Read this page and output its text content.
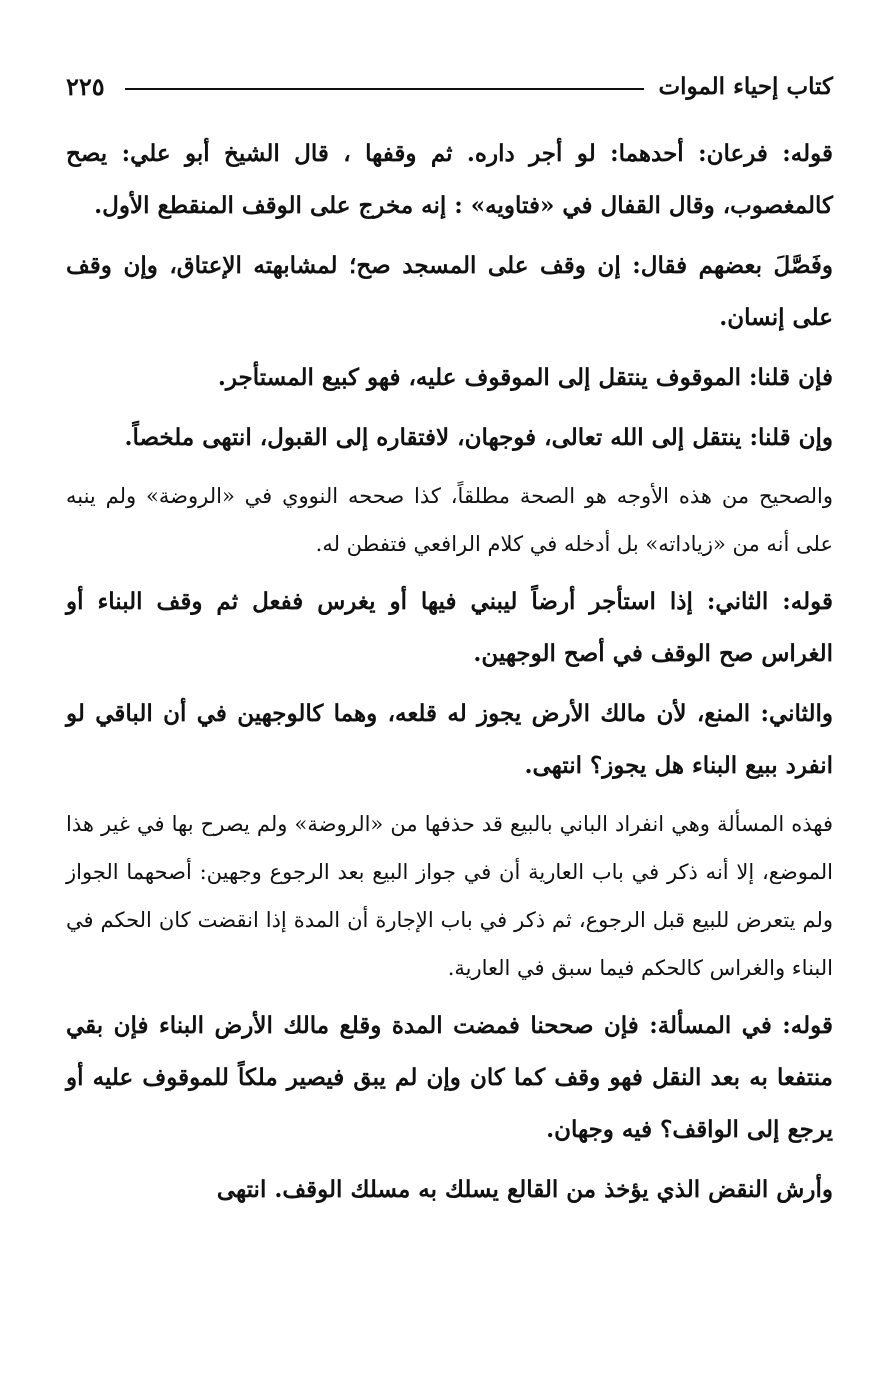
كتاب إحياء الموات
٢٢٥

قوله: فرعان: أحدهما: لو أجر داره. ثم وقفها ، قال الشيخ أبو علي: يصح كالمغصوب، وقال القفال في «فتاويه» : إنه مخرج على الوقف المنقطع الأول.

وفَصَّلَ بعضهم فقال: إن وقف على المسجد صح؛ لمشابهته الإعتاق، وإن وقف على إنسان.

فإن قلنا: الموقوف ينتقل إلى الموقوف عليه، فهو كبيع المستأجر.

وإن قلنا: ينتقل إلى الله تعالى، فوجهان، لافتقاره إلى القبول، انتهى ملخصاً.

والصحيح من هذه الأوجه هو الصحة مطلقاً، كذا صححه النووي في «الروضة» ولم ينبه على أنه من «زياداته» بل أدخله في كلام الرافعي فتفطن له.

قوله: الثاني: إذا استأجر أرضاً ليبني فيها أو يغرس ففعل ثم وقف البناء أو الغراس صح الوقف في أصح الوجهين.

والثاني: المنع، لأن مالك الأرض يجوز له قلعه، وهما كالوجهين في أن الباقي لو انفرد ببيع البناء هل يجوز؟ انتهى.

فهذه المسألة وهي انفراد الباني بالبيع قد حذفها من «الروضة» ولم يصرح بها في غير هذا الموضع، إلا أنه ذكر في باب العارية أن في جواز البيع بعد الرجوع وجهين: أصحهما الجواز ولم يتعرض للبيع قبل الرجوع، ثم ذكر في باب الإجارة أن المدة إذا انقضت كان الحكم في البناء والغراس كالحكم فيما سبق في العارية.

قوله: في المسألة: فإن صححنا فمضت المدة وقلع مالك الأرض البناء فإن بقي منتفعا به بعد النقل فهو وقف كما كان وإن لم يبق فيصير ملكاً للموقوف عليه أو يرجع إلى الواقف؟ فيه وجهان.

وأرش النقض الذي يؤخذ من القالع يسلك به مسلك الوقف. انتهى
